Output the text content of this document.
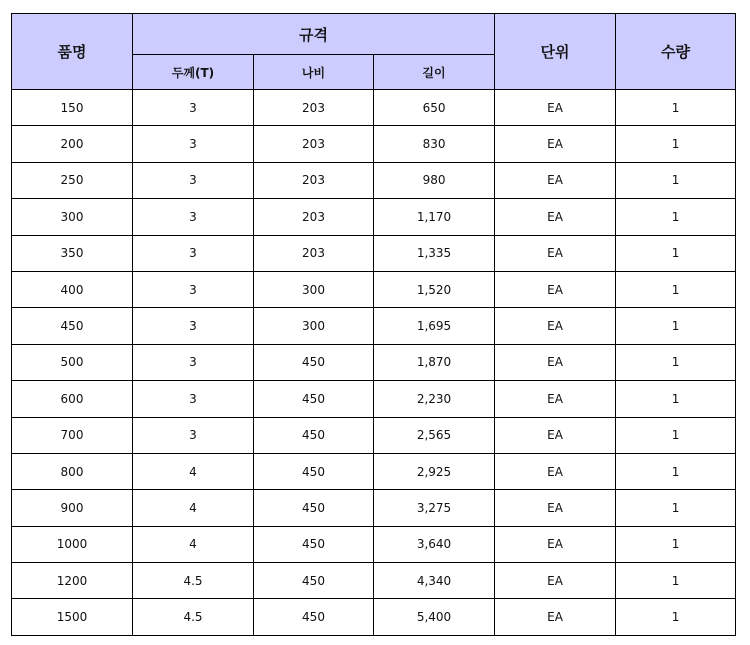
품명	규격			단위	수량
	두께(T)	나비	길이		
150	3	203	650	EA	1
200	3	203	830	EA	1
250	3	203	980	EA	1
300	3	203	1,170	EA	1
350	3	203	1,335	EA	1
400	3	300	1,520	EA	1
450	3	300	1,695	EA	1
500	3	450	1,870	EA	1
600	3	450	2,230	EA	1
700	3	450	2,565	EA	1
800	4	450	2,925	EA	1
900	4	450	3,275	EA	1
1000	4	450	3,640	EA	1
1200	4.5	450	4,340	EA	1
1500	4.5	450	5,400	EA	1
